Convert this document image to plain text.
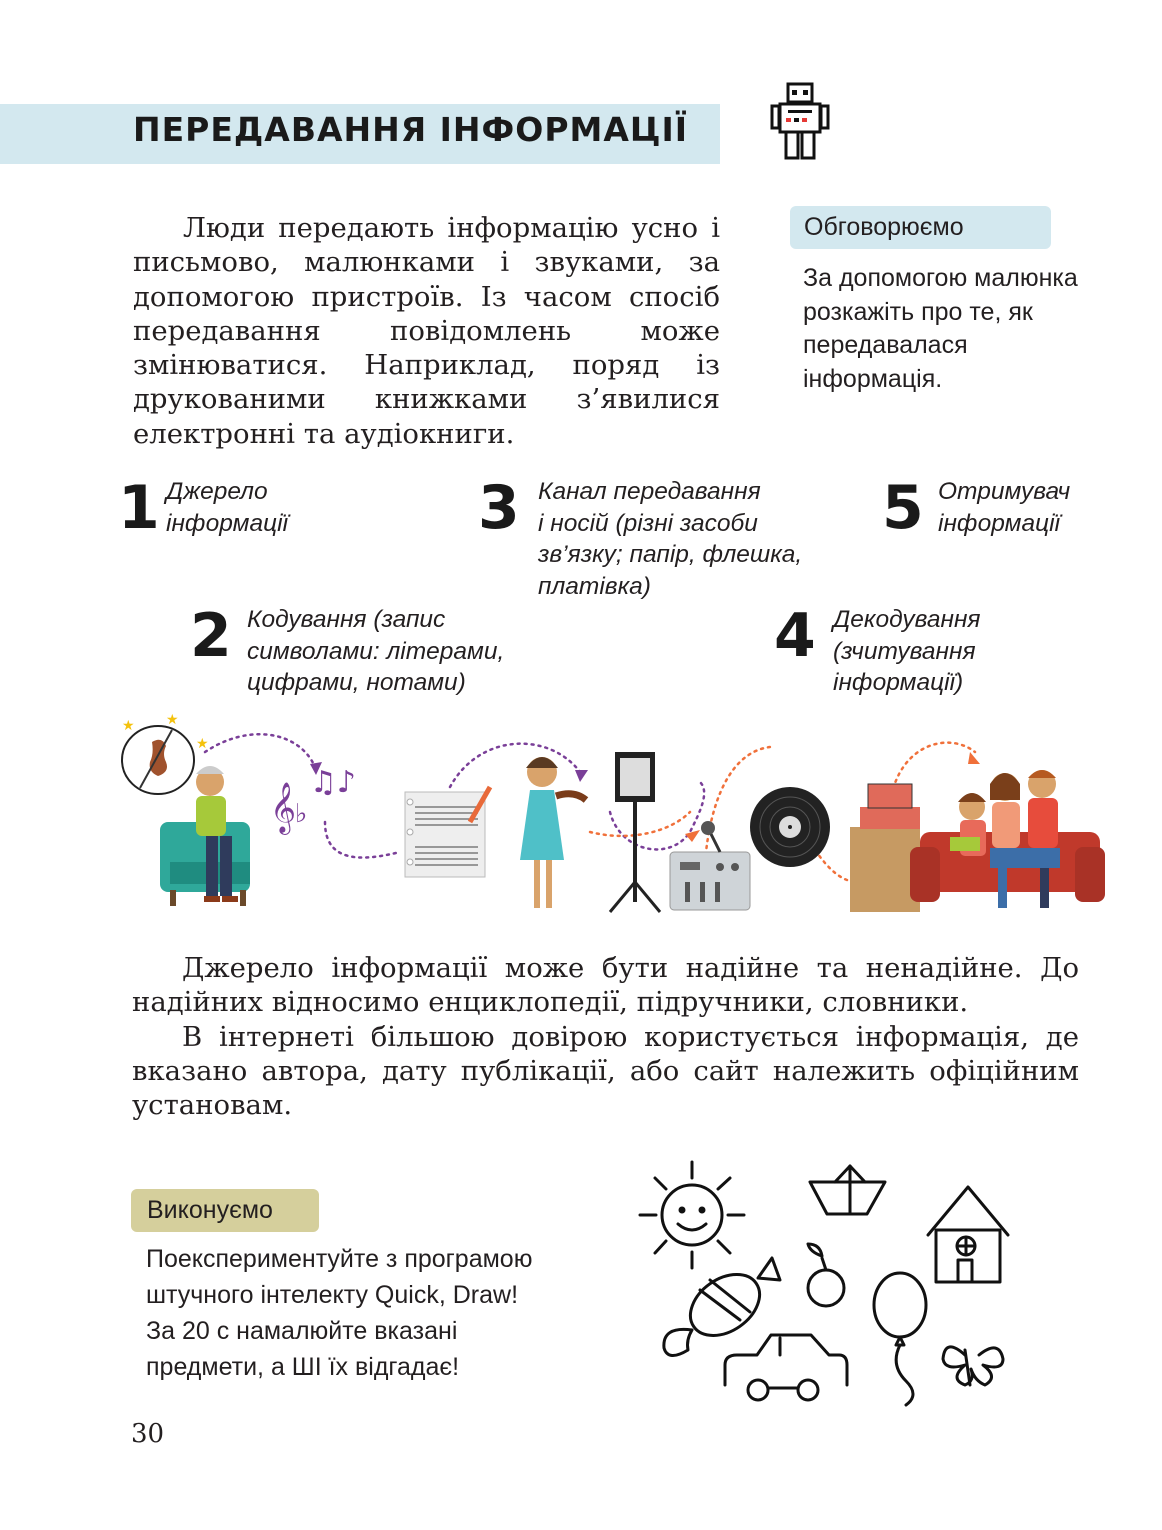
ПЕРЕДАВАННЯ ІНФОРМАЦІЇ
Люди передають інформацію усно і письмово, малюнками і звуками, за допомогою пристроїв. Із часом спосіб передавання повідомлень може змінюватися. Наприклад, поряд із друкованими книжками з’явилися електронні та аудіокниги.
Обговорюємо
За допомогою малюнка розкажіть про те, як передавалася інформація.
1 Джерело
інформації
2 Кодування (запис
символами: літерами,
цифрами, нотами)
3 Канал передавання
і носій (різні засоби
зв’язку; папір, флешка,
платівка)
4 Декодування
(зчитування
інформації)
5 Отримувач
інформації
★ ★
★
𝄞 ♫♪
♭

Джерело інформації може бути надійне та ненадійне. До надійних відносимо енциклопедії, підручники, словники.

В інтернеті більшою довірою користується інформація, де вказано автора, дату публікації, або сайт належить офіційним установам.

Виконуємо
Поекспериментуйте з програмою
штучного інтелекту Quick, Draw!
За 20 с намалюйте вказані
предмети, а ШІ їх відгадає!
30
